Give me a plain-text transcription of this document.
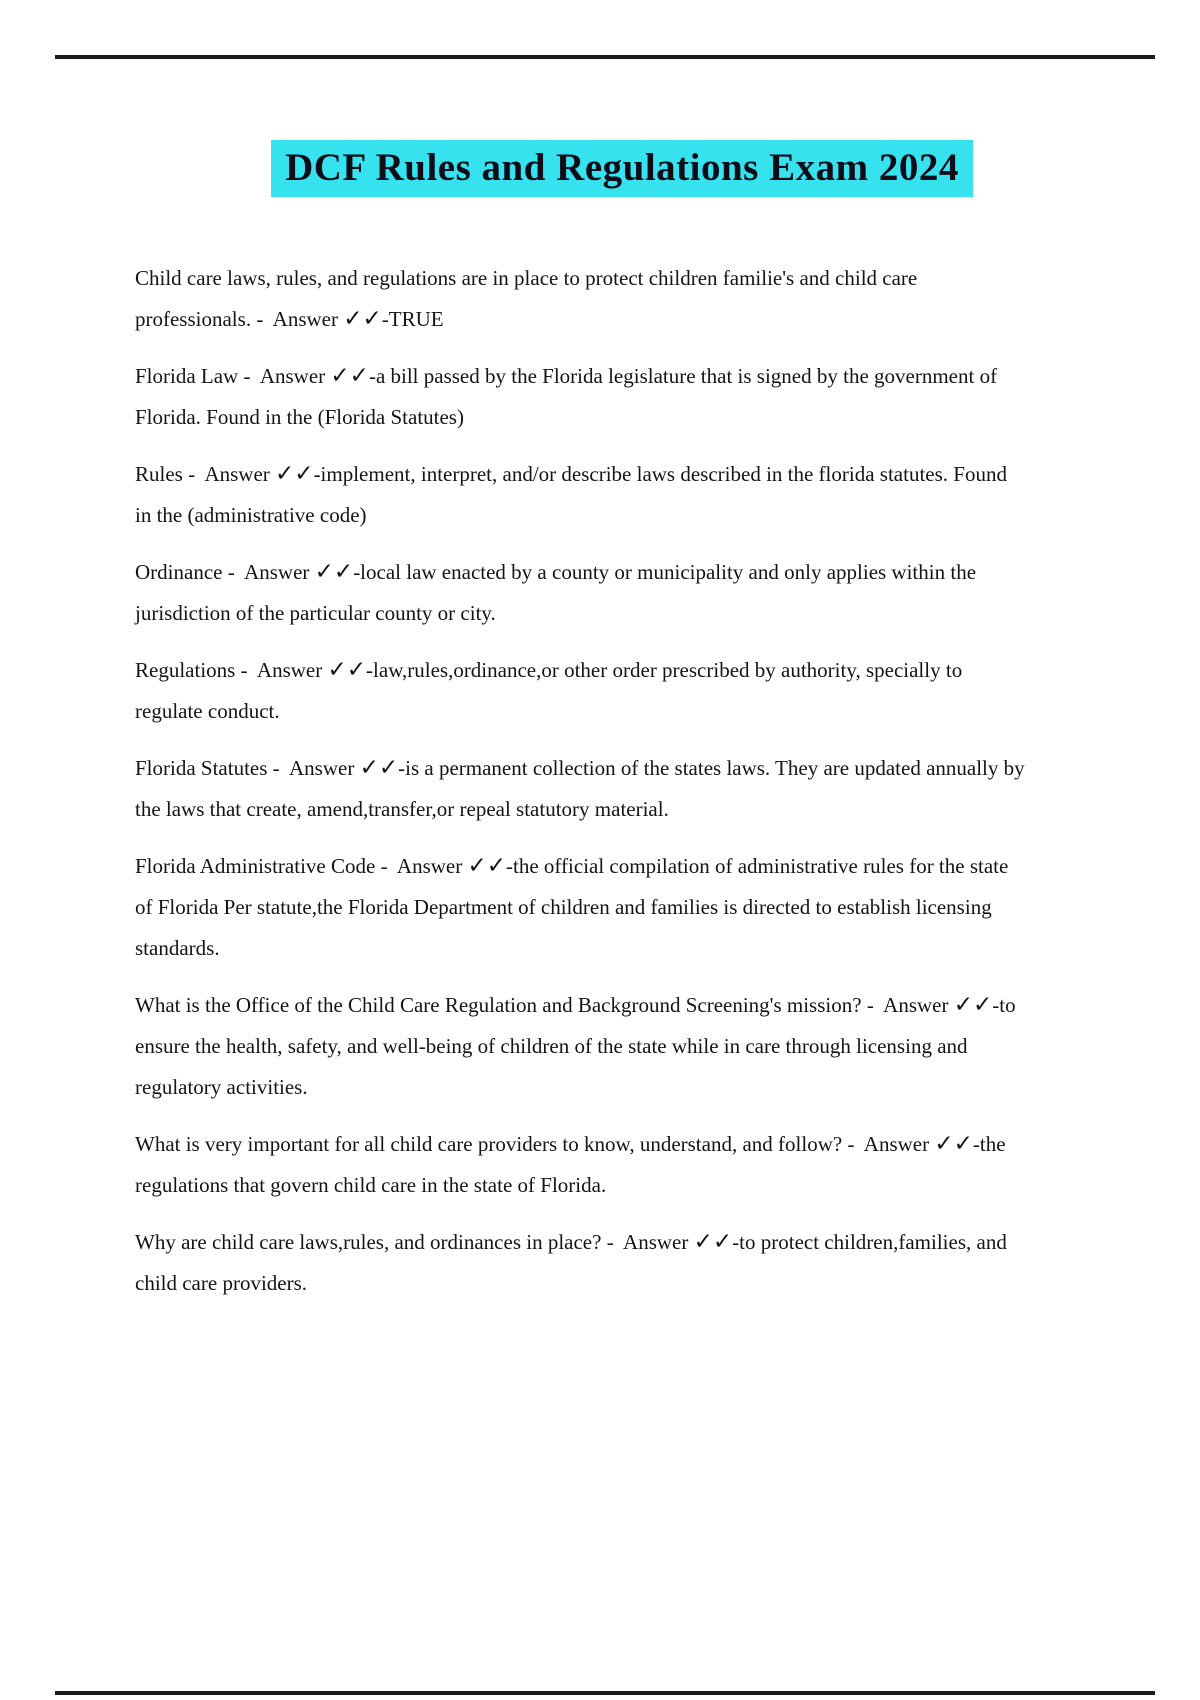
DCF Rules and Regulations Exam 2024

Child care laws, rules, and regulations are in place to protect children familie's and child care professionals. -  Answer ✓✓-TRUE

Florida Law -  Answer ✓✓-a bill passed by the Florida legislature that is signed by the government of Florida. Found in the (Florida Statutes)

Rules -  Answer ✓✓-implement, interpret, and/or describe laws described in the florida statutes. Found in the (administrative code)

Ordinance -  Answer ✓✓-local law enacted by a county or municipality and only applies within the jurisdiction of the particular county or city.

Regulations -  Answer ✓✓-law,rules,ordinance,or other order prescribed by authority, specially to regulate conduct.

Florida Statutes -  Answer ✓✓-is a permanent collection of the states laws. They are updated annually by the laws that create, amend,transfer,or repeal statutory material.

Florida Administrative Code -  Answer ✓✓-the official compilation of administrative rules for the state of Florida Per statute,the Florida Department of children and families is directed to establish licensing standards.

What is the Office of the Child Care Regulation and Background Screening's mission? -  Answer ✓✓-to ensure the health, safety, and well-being of children of the state while in care through licensing and regulatory activities.

What is very important for all child care providers to know, understand, and follow? -  Answer ✓✓-the regulations that govern child care in the state of Florida.

Why are child care laws,rules, and ordinances in place? -  Answer ✓✓-to protect children,families, and child care providers.
